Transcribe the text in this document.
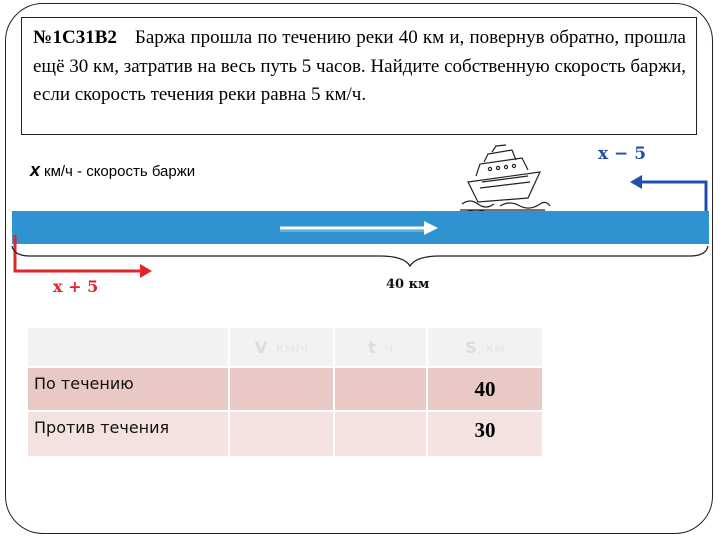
№1С31В2 Баржа прошла по течению реки 40 км и, повернув обратно, прошла ещё 30 км, затратив на весь путь 5 часов. Найдите собственную скорость баржи, если скорость течения реки равна 5 км/ч.
x км/ч - скорость баржи
x − 5
x + 5	40 км
	V, км/ч	t, ч	S, км
По течению			40
Против течения			30
